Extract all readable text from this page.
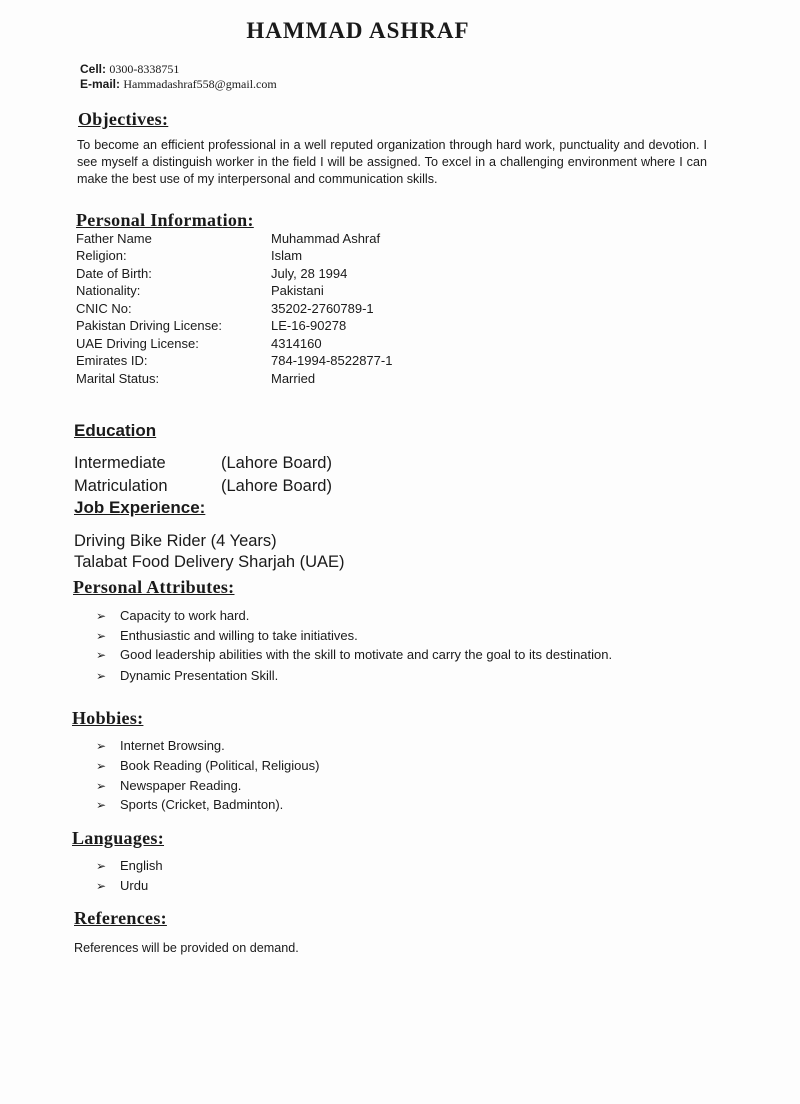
HAMMAD ASHRAF
Cell: 0300-8338751
E-mail: Hammadashraf558@gmail.com
Objectives:
To become an efficient professional in a well reputed organization through hard work, punctuality and devotion. I see myself a distinguish worker in the field I will be assigned. To excel in a challenging environment where I can make the best use of my interpersonal and communication skills.
Personal Information:
Father Name	Muhammad Ashraf
Religion:	Islam
Date of Birth:	July, 28 1994
Nationality:	Pakistani
CNIC No:	35202-2760789-1
Pakistan Driving License:	LE-16-90278
UAE Driving License:	4314160
Emirates ID:	784-1994-8522877-1
Marital Status:	Married
Education
Intermediate	(Lahore Board)
Matriculation	(Lahore Board)
Job Experience:
Driving Bike Rider (4 Years)
Talabat Food Delivery Sharjah (UAE)
Personal Attributes:
➢	Capacity to work hard.
➢	Enthusiastic and willing to take initiatives.
➢	Good leadership abilities with the skill to motivate and carry the goal to its destination.
➢	Dynamic Presentation Skill.
Hobbies:
➢	Internet Browsing.
➢	Book Reading (Political, Religious)
➢	Newspaper Reading.
➢	Sports (Cricket, Badminton).
Languages:
➢	English
➢	Urdu
References:
References will be provided on demand.
